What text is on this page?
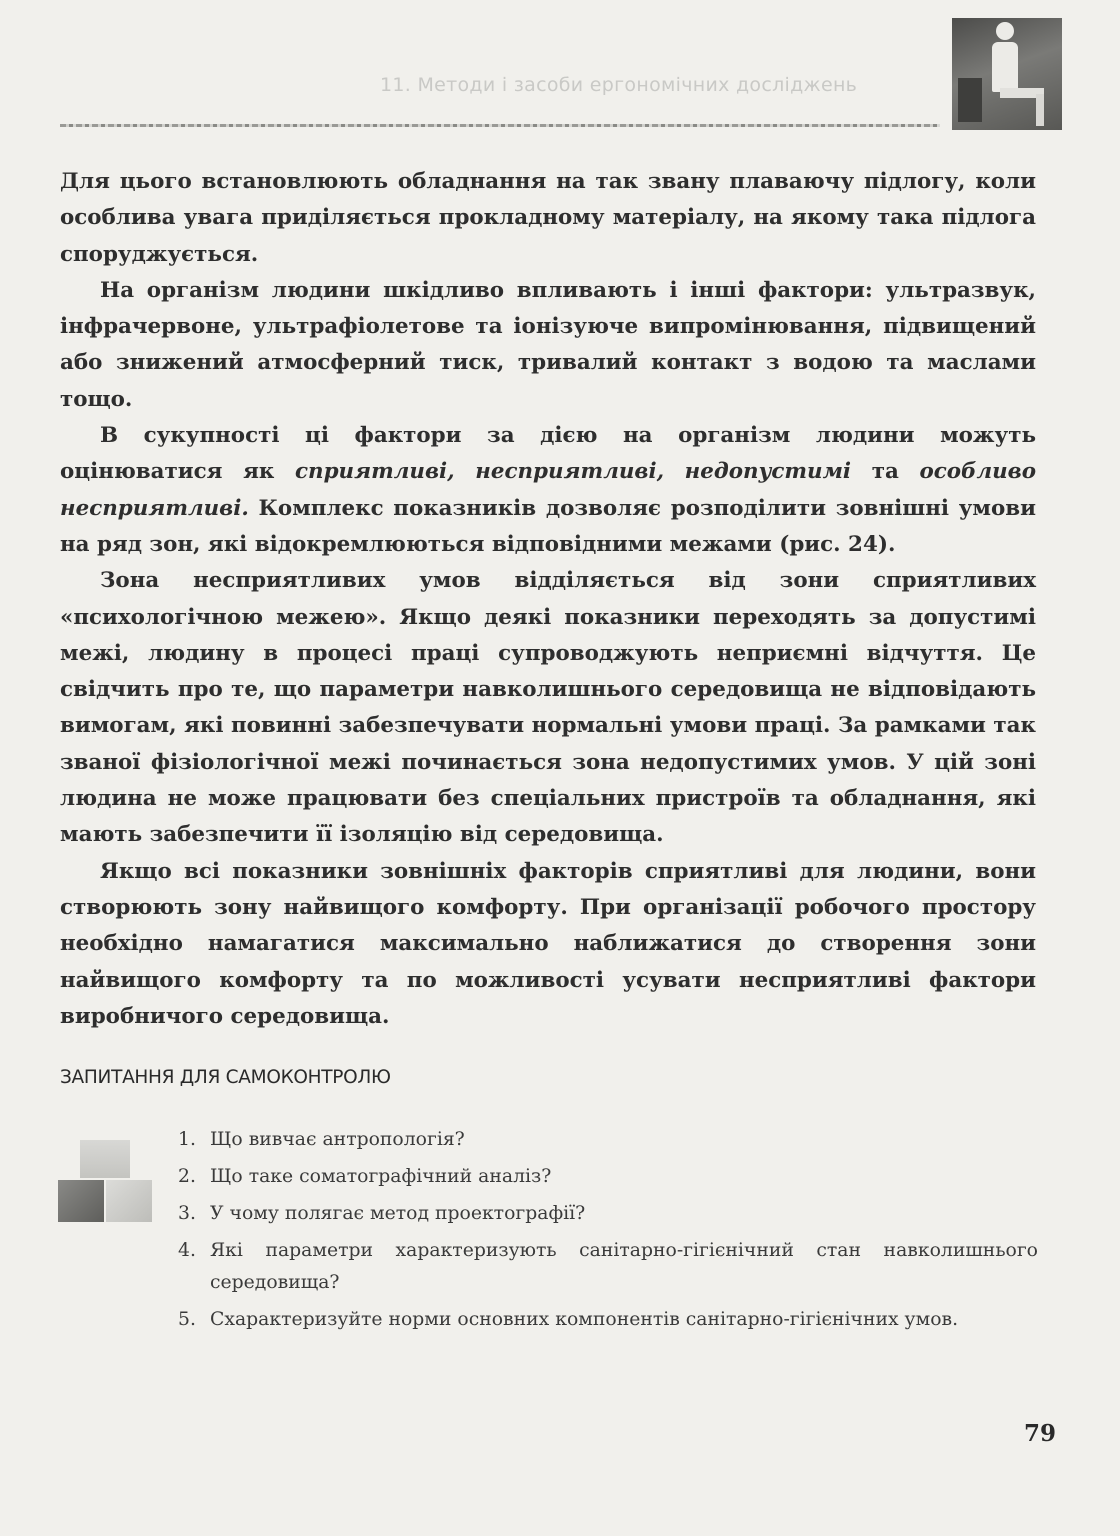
11. Методи і засоби ергономічних досліджень

Для цього встановлюють обладнання на так звану плаваючу підлогу, коли особлива увага приділяється прокладному матеріалу, на якому така підлога споруджується.

На організм людини шкідливо впливають і інші фактори: ультразвук, інфрачервоне, ультрафіолетове та іонізуюче випромінювання, підвищений або знижений атмосферний тиск, тривалий контакт з водою та маслами тощо.

В сукупності ці фактори за дією на організм людини можуть оцінюватися як сприятливі, несприятливі, недопустимі та особливо несприятливі. Комплекс показників дозволяє розподілити зовнішні умови на ряд зон, які відокремлюються відповідними межами (рис. 24).

Зона несприятливих умов відділяється від зони сприятливих «психологічною межею». Якщо деякі показники переходять за допустимі межі, людину в процесі праці супроводжують неприємні відчуття. Це свідчить про те, що параметри навколишнього середовища не відповідають вимогам, які повинні забезпечувати нормальні умови праці. За рамками так званої фізіологічної межі починається зона недопустимих умов. У цій зоні людина не може працювати без спеціальних пристроїв та обладнання, які мають забезпечити її ізоляцію від середовища.

Якщо всі показники зовнішніх факторів сприятливі для людини, вони створюють зону найвищого комфорту. При організації робочого простору необхідно намагатися максимально наближатися до створення зони найвищого комфорту та по можливості усувати несприятливі фактори виробничого середовища.

ЗАПИТАННЯ ДЛЯ САМОКОНТРОЛЮ
1. Що вивчає антропологія?
2. Що таке соматографічний аналіз?
3. У чому полягає метод проектографії?
4. Які параметри характеризують санітарно-гігієнічний стан навколишнього середовища?
5. Схарактеризуйте норми основних компонентів санітарно-гігієнічних умов.
79
